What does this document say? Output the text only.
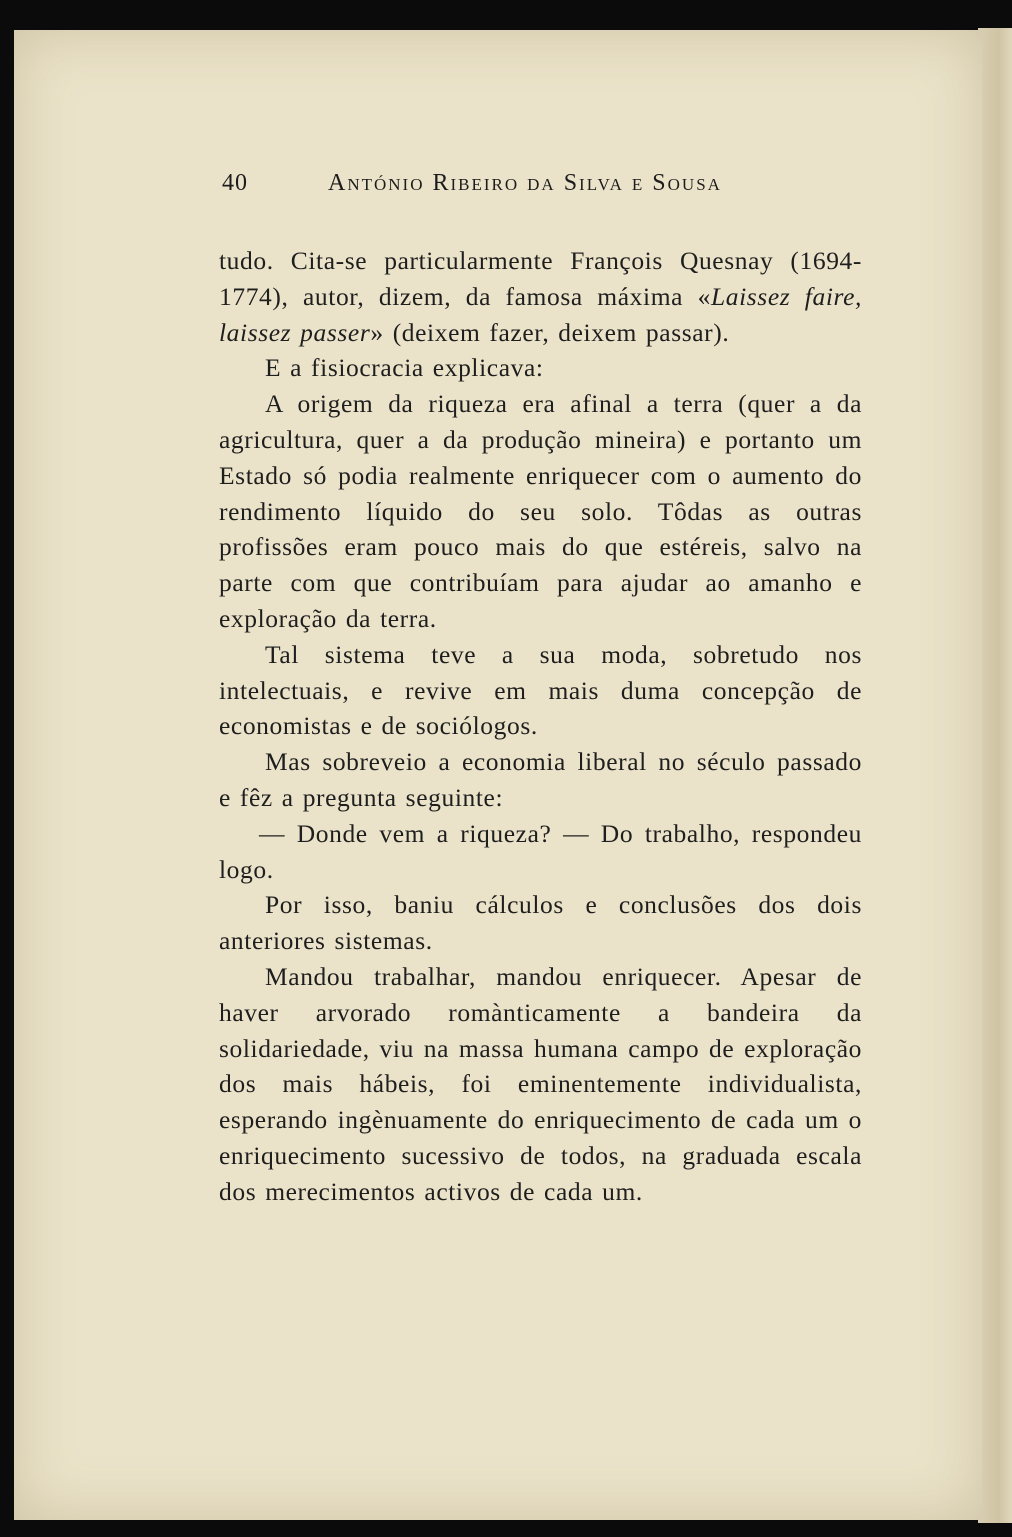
40	António Ribeiro da Silva e Sousa

tudo. Cita-se particularmente François Quesnay (1694-1774), autor, dizem, da famosa máxima «Laissez faire, laissez passer» (deixem fazer, deixem passar).

E a fisiocracia explicava:

A origem da riqueza era afinal a terra (quer a da agricultura, quer a da produção mineira) e portanto um Estado só podia realmente enriquecer com o aumento do rendimento líquido do seu solo. Tôdas as outras profissões eram pouco mais do que estéreis, salvo na parte com que contribuíam para ajudar ao amanho e exploração da terra.

Tal sistema teve a sua moda, sobretudo nos intelectuais, e revive em mais duma concepção de economistas e de sociólogos.

Mas sobreveio a economia liberal no século passado e fêz a pregunta seguinte:

— Donde vem a riqueza? — Do trabalho, respondeu logo.

Por isso, baniu cálculos e conclusões dos dois anteriores sistemas.

Mandou trabalhar, mandou enriquecer. Apesar de haver arvorado romànticamente a bandeira da solidariedade, viu na massa humana campo de exploração dos mais hábeis, foi eminentemente individualista, esperando ingènuamente do enriquecimento de cada um o enriquecimento sucessivo de todos, na graduada escala dos merecimentos activos de cada um.
